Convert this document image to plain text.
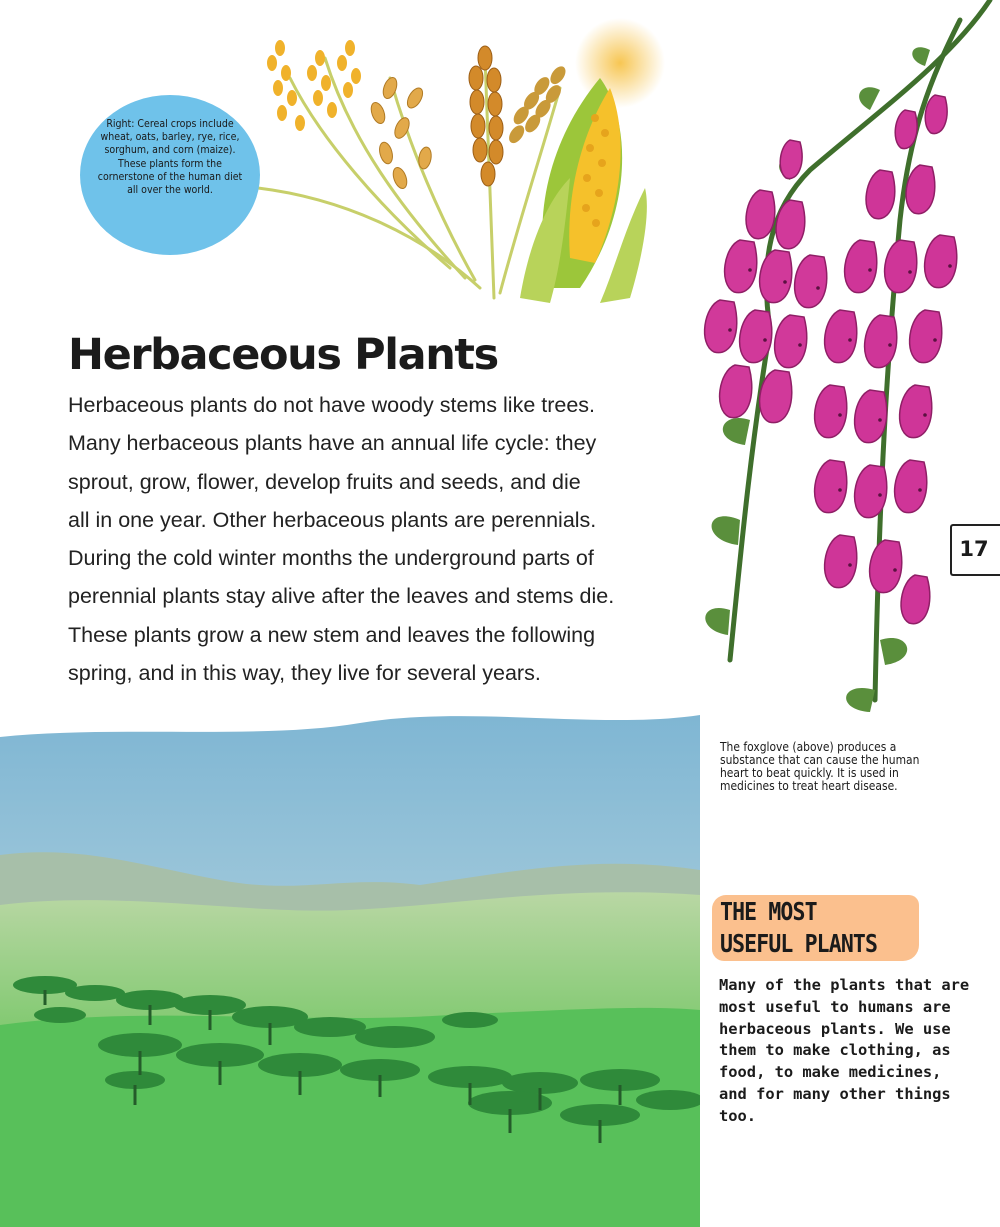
Right: Cereal crops include wheat, oats, barley, rye, rice, sorghum, and corn (maize). These plants form the cornerstone of the human diet all over the world.
Herbaceous Plants
Herbaceous plants do not have woody stems like trees.
Many herbaceous plants have an annual life cycle: they
sprout, grow, flower, develop fruits and seeds, and die
all in one year. Other herbaceous plants are perennials.
During the cold winter months the underground parts of
perennial plants stay alive after the leaves and stems die.
These plants grow a new stem and leaves the following
spring, and in this way, they live for several years.
17
The foxglove (above) produces a substance that can cause the human heart to beat quickly. It is used in medicines to treat heart disease.
THE MOST
USEFUL PLANTS
Many of the plants that are
most useful to humans are
herbaceous plants. We use
them to make clothing, as
food, to make medicines,
and for many other things
too.
